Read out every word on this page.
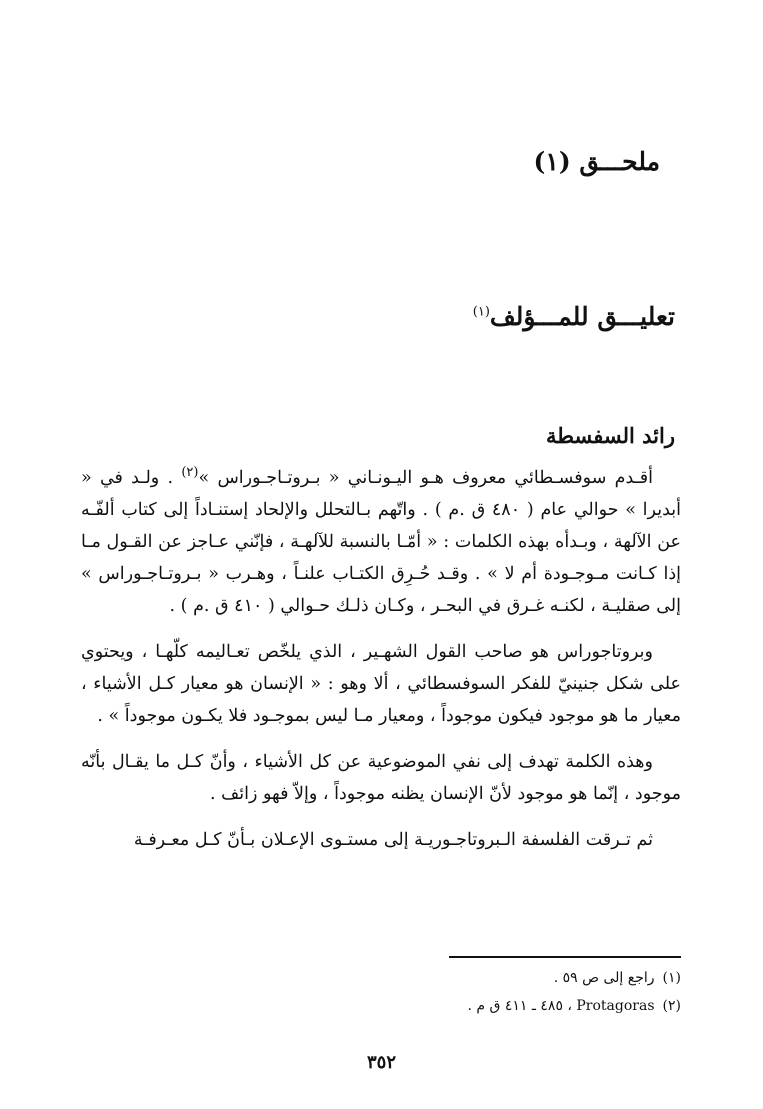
ملحـــق (١)
تعليـــق للمـــؤلف$^{(١)}$
رائد السفسطة

أقـدم سوفسـطائي معروف هـو اليـونـاني « بـروتـاجـوراس »$^{(٢)}$ . ولـد في « أبديرا » حوالي عام ( ٤٨٠ ق .م ) . واتّهم بـالتحلل والإلحاد إستنـاداً إلى كتاب ألفّـه عن الآلهة ، وبـدأه بهذه الكلمات : « أمّـا بالنسبة للآلهـة ، فإنّني عـاجز عن القـول مـا إذا كـانت مـوجـودة أم لا » . وقـد حُـرِق الكتـاب علنـاً ، وهـرب « بـروتـاجـوراس » إلى صقليـة ، لكنـه غـرق في البحـر ، وكـان ذلـك حـوالي ( ٤١٠ ق .م ) .

وبروتاجوراس هو صاحب القول الشهـير ، الذي يلخّص تعـاليمه كلّهـا ، ويحتوي على شكل جنينيّ للفكر السوفسطائي ، ألا وهو : « الإنسان هو معيار كـل الأشياء ، معيار ما هو موجود فيكون موجوداً ، ومعيار مـا ليس بموجـود فلا يكـون موجوداً » .

وهذه الكلمة تهدف إلى نفي الموضوعية عن كل الأشياء ، وأنّ كـل ما يقـال بأنّه موجود ، إنّما هو موجود لأنّ الإنسان يظنه موجوداً ، وإلاّ فهو زائف .

ثم تـرقت الفلسفة الـبروتاجـوريـة إلى مستـوى الإعـلان بـأنّ كـل معـرفـة

(١)راجع إلى ص ٥٩ .

(٢)Protagoras ، ٤٨٥ ـ ٤١١ ق م .

٣٥٢
